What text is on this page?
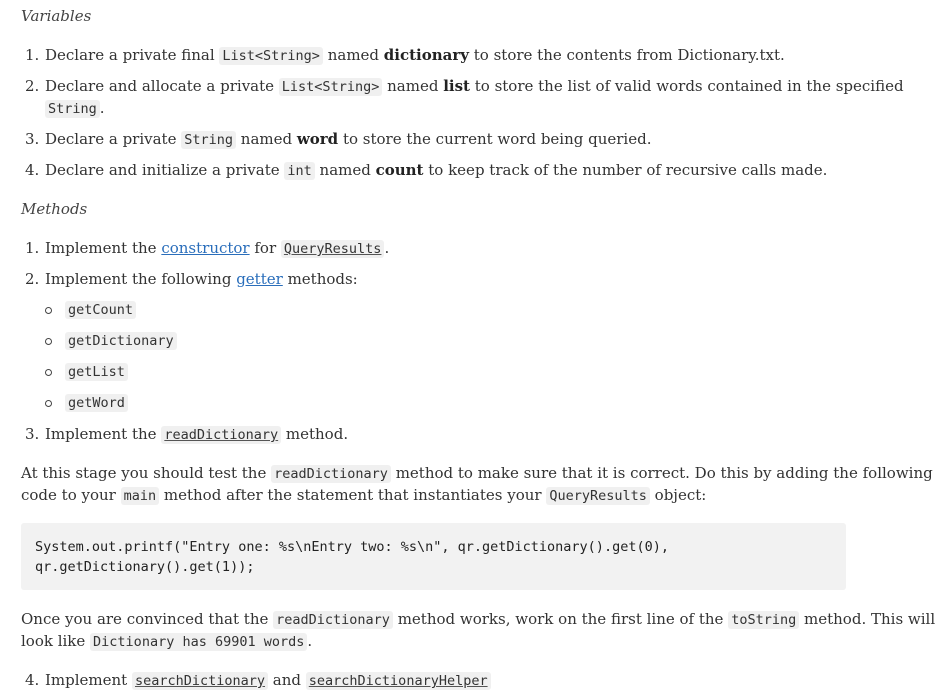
Variables
1. Declare a private final List<String> named dictionary to store the contents from Dictionary.txt.
2. Declare and allocate a private List<String> named list to store the list of valid words contained in the specified
String .
3. Declare a private String named word to store the current word being queried.
4. Declare and initialize a private int named count to keep track of the number of recursive calls made.
Methods
1. Implement the constructor for QueryResults .
2. Implement the following getter methods:
getCount
getDictionary
getList
getWord
3. Implement the readDictionary method.
At this stage you should test the readDictionary method to make sure that it is correct. Do this by adding the following
code to your main method after the statement that instantiates your QueryResults object:
System.out.printf("Entry one: %s\nEntry two: %s\n", qr.getDictionary().get(0),
qr.getDictionary().get(1));
Once you are convinced that the readDictionary method works, work on the first line of the toString method. This will
look like Dictionary has 69901 words .
4. Implement searchDictionary and searchDictionaryHelper
